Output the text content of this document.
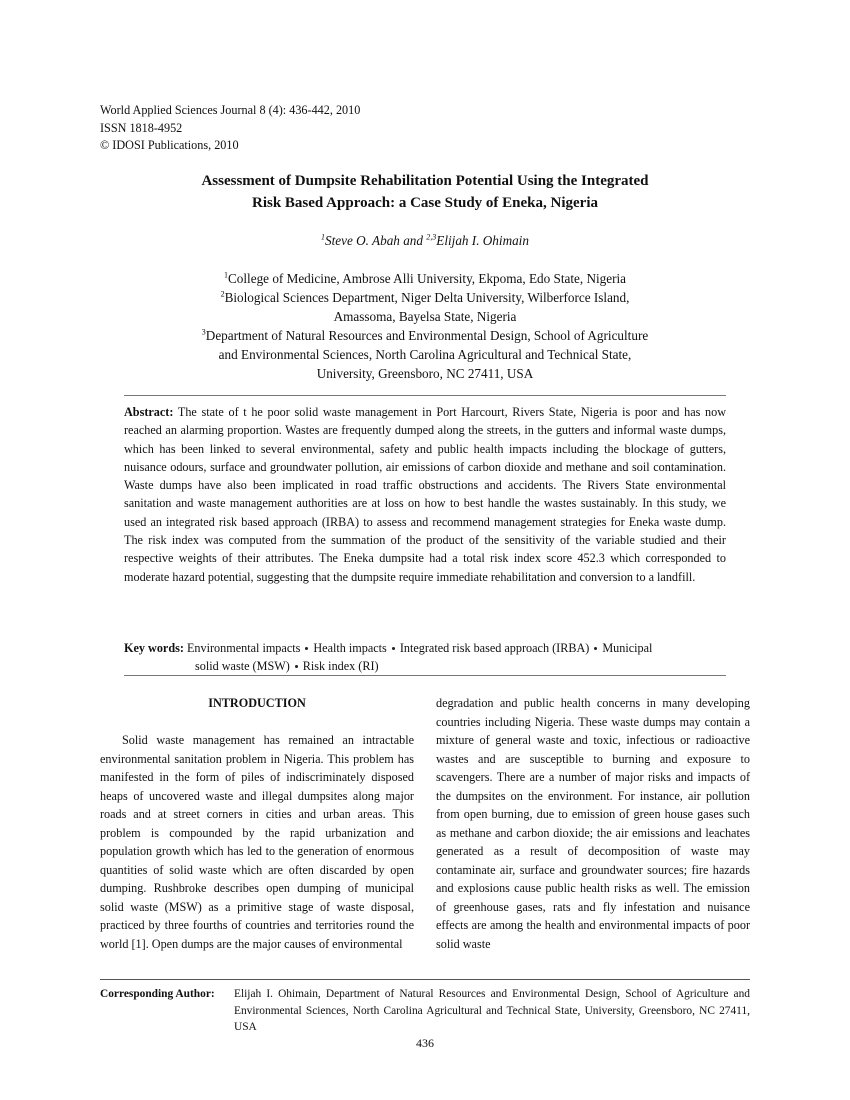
World Applied Sciences Journal 8 (4): 436-442, 2010
ISSN 1818-4952
© IDOSI Publications, 2010
Assessment of Dumpsite Rehabilitation Potential Using the Integrated
Risk Based Approach: a Case Study of Eneka, Nigeria
$^1$Steve O. Abah and $^{2,3}$Elijah I. Ohimain
$^1$College of Medicine, Ambrose Alli University, Ekpoma, Edo State, Nigeria
$^2$Biological Sciences Department, Niger Delta University, Wilberforce Island,
Amassoma, Bayelsa State, Nigeria
$^3$Department of Natural Resources and Environmental Design, School of Agriculture
and Environmental Sciences, North Carolina Agricultural and Technical State,
University, Greensboro, NC 27411, USA
Abstract: The state of t he poor solid waste management in Port Harcourt, Rivers State, Nigeria is poor and has now reached an alarming proportion. Wastes are frequently dumped along the streets, in the gutters and informal waste dumps, which has been linked to several environmental, safety and public health impacts including the blockage of gutters, nuisance odours, surface and groundwater pollution, air emissions of carbon dioxide and methane and soil contamination. Waste dumps have also been implicated in road traffic obstructions and accidents. The Rivers State environmental sanitation and waste management authorities are at loss on how to best handle the wastes sustainably. In this study, we used an integrated risk based approach (IRBA) to assess and recommend management strategies for Eneka waste dump. The risk index was computed from the summation of the product of the sensitivity of the variable studied and their respective weights of their attributes. The Eneka dumpsite had a total risk index score 452.3 which corresponded to moderate hazard potential, suggesting that the dumpsite require immediate rehabilitation and conversion to a landfill.
Key words: Environmental impacts Health impacts Integrated risk based approach (IRBA) Municipal
solid waste (MSW) Risk index (RI)
INTRODUCTION
Solid waste management has remained an intractable environmental sanitation problem in Nigeria. This problem has manifested in the form of piles of indiscriminately disposed heaps of uncovered waste and illegal dumpsites along major roads and at street corners in cities and urban areas. This problem is compounded by the rapid urbanization and population growth which has led to the generation of enormous quantities of solid waste which are often discarded by open dumping. Rushbroke describes open dumping of municipal solid waste (MSW) as a primitive stage of waste disposal, practiced by three fourths of countries and territories round the world [1]. Open dumps are the major causes of environmental
degradation and public health concerns in many developing countries including Nigeria. These waste dumps may contain a mixture of general waste and toxic, infectious or radioactive wastes and are susceptible to burning and exposure to scavengers. There are a number of major risks and impacts of the dumpsites on the environment. For instance, air pollution from open burning, due to emission of green house gases such as methane and carbon dioxide; the air emissions and leachates generated as a result of decomposition of waste may contaminate air, surface and groundwater sources; fire hazards and explosions cause public health risks as well. The emission of greenhouse gases, rats and fly infestation and nuisance effects are among the health and environmental impacts of poor solid waste
Corresponding Author: Elijah I. Ohimain, Department of Natural Resources and Environmental Design, School of Agriculture and Environmental Sciences, North Carolina Agricultural and Technical State, University, Greensboro, NC 27411, USA
436
